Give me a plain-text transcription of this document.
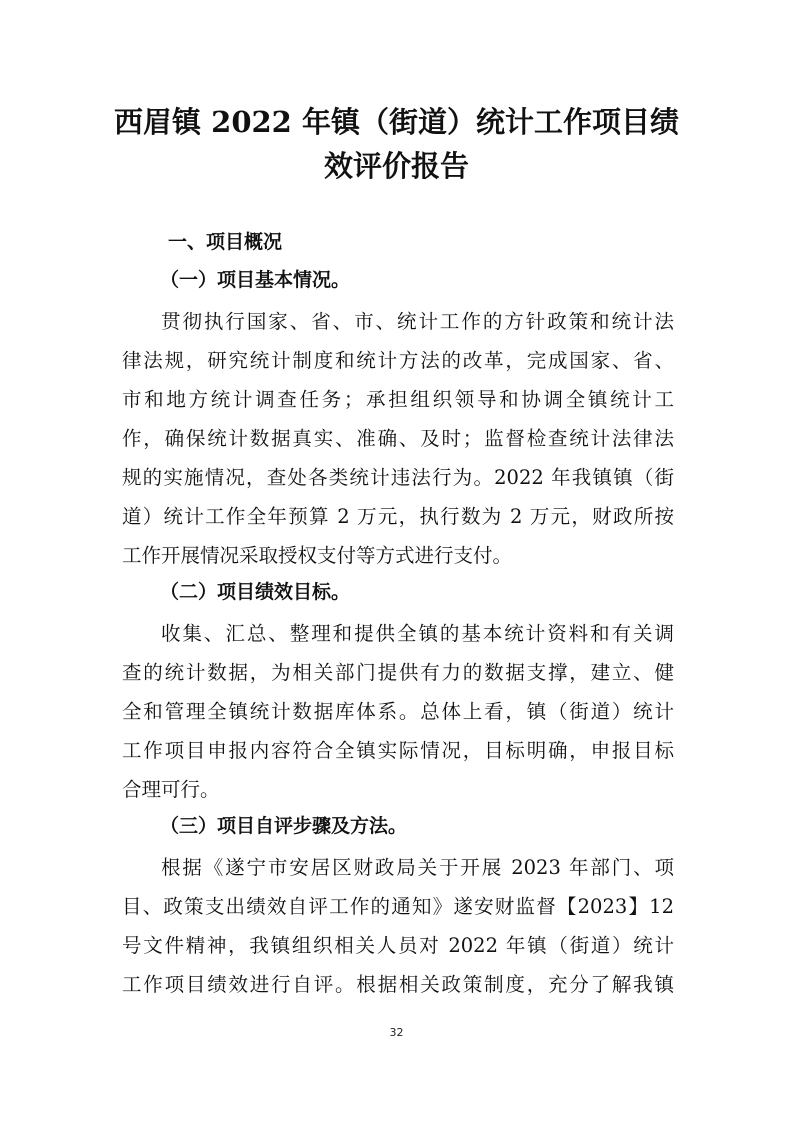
西眉镇 2022 年镇（街道）统计工作项目绩
效评价报告
一、项目概况
（一）项目基本情况。
贯彻执行国家、省、市、统计工作的方针政策和统计法
律法规，研究统计制度和统计方法的改革，完成国家、省、
市和地方统计调查任务；承担组织领导和协调全镇统计工
作，确保统计数据真实、准确、及时；监督检查统计法律法
规的实施情况，查处各类统计违法行为。2022 年我镇镇（街
道）统计工作全年预算 2 万元，执行数为 2 万元，财政所按
工作开展情况采取授权支付等方式进行支付。
（二）项目绩效目标。
收集、汇总、整理和提供全镇的基本统计资料和有关调
查的统计数据，为相关部门提供有力的数据支撑，建立、健
全和管理全镇统计数据库体系。总体上看，镇（街道）统计
工作项目申报内容符合全镇实际情况，目标明确，申报目标
合理可行。
（三）项目自评步骤及方法。
根据《遂宁市安居区财政局关于开展 2023 年部门、项
目、政策支出绩效自评工作的通知》遂安财监督【2023】12
号文件精神，我镇组织相关人员对 2022 年镇（街道）统计
工作项目绩效进行自评。根据相关政策制度，充分了解我镇
32
